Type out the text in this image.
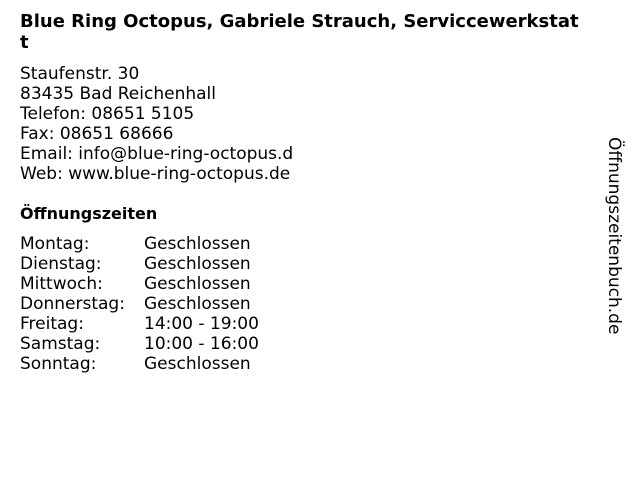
Blue Ring Octopus, Gabriele Strauch, Serviccewerkstatt
Staufenstr. 30
83435 Bad Reichenhall
Telefon: 08651 5105
Fax: 08651 68666
Email: info@blue-ring-octopus.d
Web: www.blue-ring-octopus.de
Öffnungszeiten
Montag:	Geschlossen
Dienstag:	Geschlossen
Mittwoch:	Geschlossen
Donnerstag:	Geschlossen
Freitag:	14:00 - 19:00
Samstag:	10:00 - 16:00
Sonntag:	Geschlossen
Öffnungszeitenbuch.de
